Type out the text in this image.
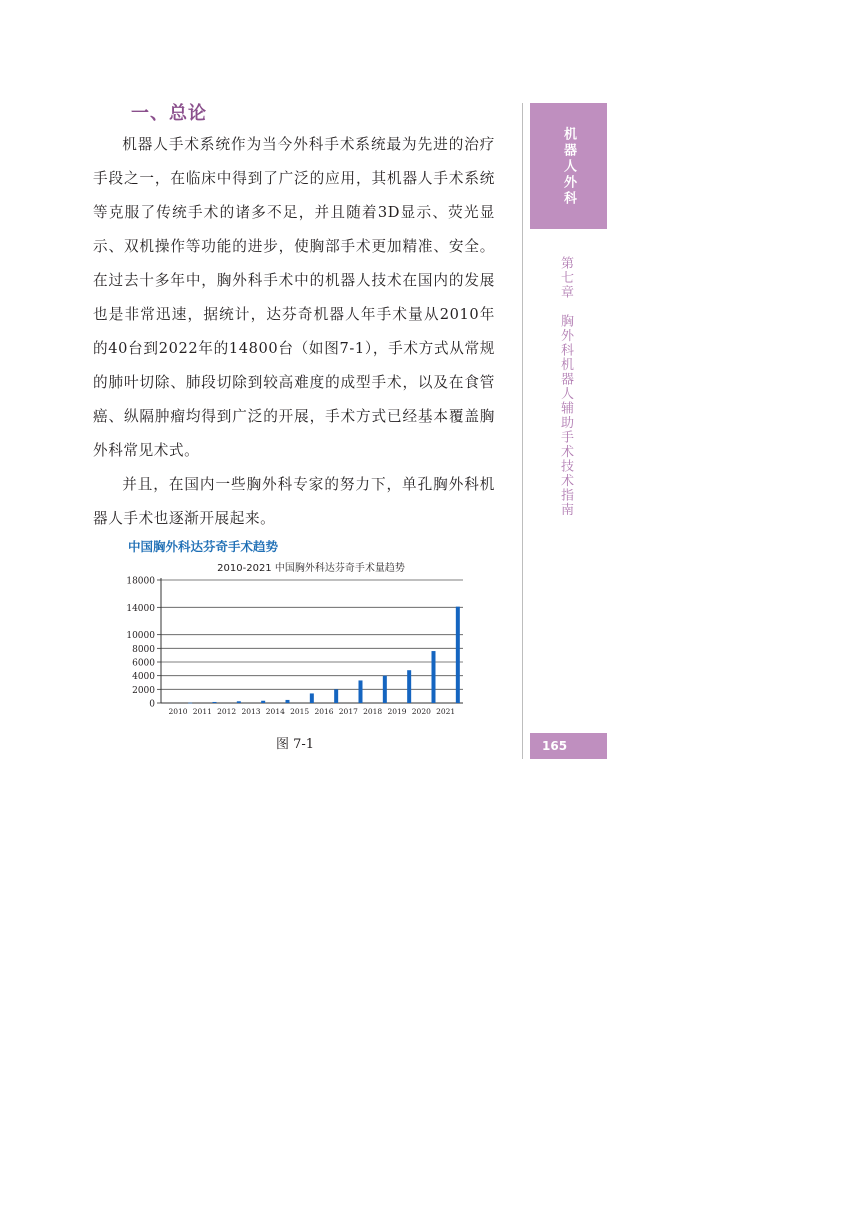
一、总论

机器人手术系统作为当今外科手术系统最为先进的治疗手段之一，在临床中得到了广泛的应用，其机器人手术系统等克服了传统手术的诸多不足，并且随着3D显示、荧光显示、双机操作等功能的进步，使胸部手术更加精准、安全。在过去十多年中，胸外科手术中的机器人技术在国内的发展也是非常迅速，据统计，达芬奇机器人年手术量从2010年的40台到2022年的14800台（如图7-1），手术方式从常规的肺叶切除、肺段切除到较高难度的成型手术，以及在食管癌、纵隔肿瘤均得到广泛的开展，手术方式已经基本覆盖胸外科常见术式。

并且，在国内一些胸外科专家的努力下，单孔胸外科机器人手术也逐渐开展起来。

机器人外科
第七章　胸外科机器人辅助手术技术指南
165
中国胸外科达芬奇手术趋势
2010-2021 中国胸外科达芬奇手术量趋势
0
2000
4000
6000
8000
10000
14000
18000
2010 2011 2012 2013 2014 2015 2016 2017 2018 2019 2020 2021
图 7-1
